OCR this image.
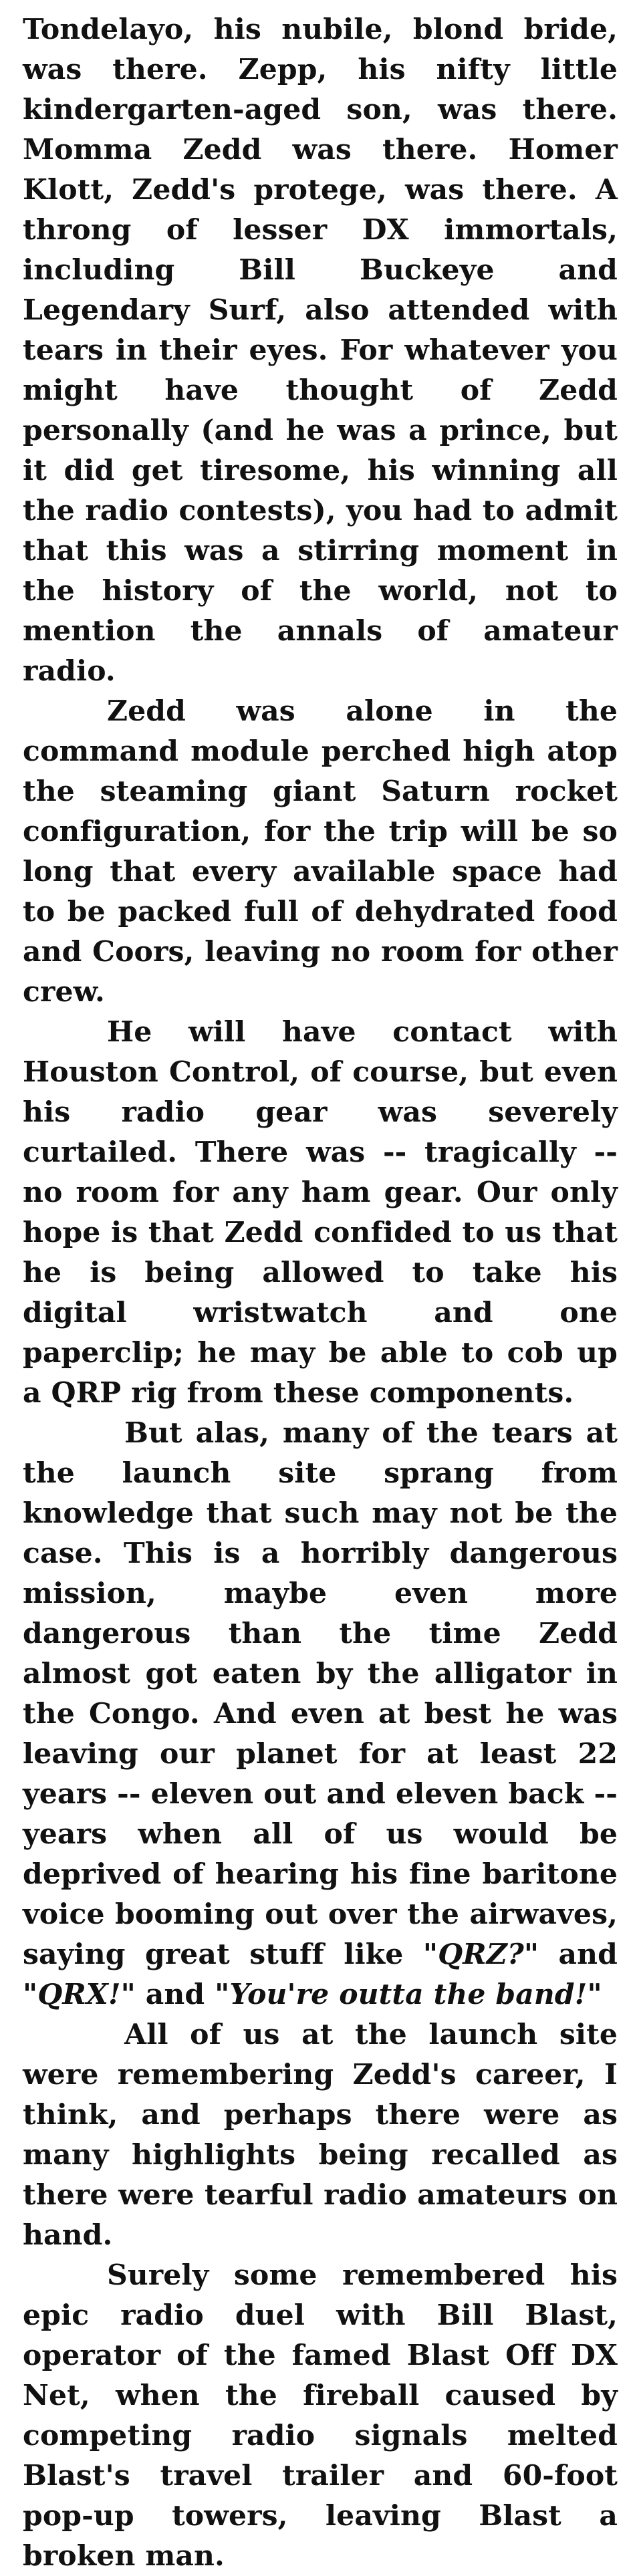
Tondelayo, his nubile, blond bride, was there. Zepp, his nifty little kindergarten-aged son, was there. Momma Zedd was there. Homer Klott, Zedd's protege, was there. A throng of lesser DX immortals, including Bill Buckeye and Legendary Surf, also attended with tears in their eyes. For whatever you might have thought of Zedd personally (and he was a prince, but it did get tiresome, his winning all the radio contests), you had to admit that this was a stirring moment in the history of the world, not to mention the annals of amateur radio.

Zedd was alone in the command module perched high atop the steaming giant Saturn rocket configuration, for the trip will be so long that every available space had to be packed full of dehydrated food and Coors, leaving no room for other crew.

He will have contact with Houston Control, of course, but even his radio gear was severely curtailed. There was -- tragically -- no room for any ham gear. Our only hope is that Zedd confided to us that he is being allowed to take his digital wristwatch and one paperclip; he may be able to cob up a QRP rig from these components.

But alas, many of the tears at the launch site sprang from knowledge that such may not be the case. This is a horribly dangerous mission, maybe even more dangerous than the time Zedd almost got eaten by the alligator in the Congo. And even at best he was leaving our planet for at least 22 years -- eleven out and eleven back -- years when all of us would be deprived of hearing his fine baritone voice booming out over the airwaves, saying great stuff like "QRZ?" and "QRX!" and "You're outta the band!"

All of us at the launch site were remembering Zedd's career, I think, and perhaps there were as many highlights being recalled as there were tearful radio amateurs on hand.

Surely some remembered his epic radio duel with Bill Blast, operator of the famed Blast Off DX Net, when the fireball caused by competing radio signals melted Blast's travel trailer and 60-foot pop-up towers, leaving Blast a broken man.
